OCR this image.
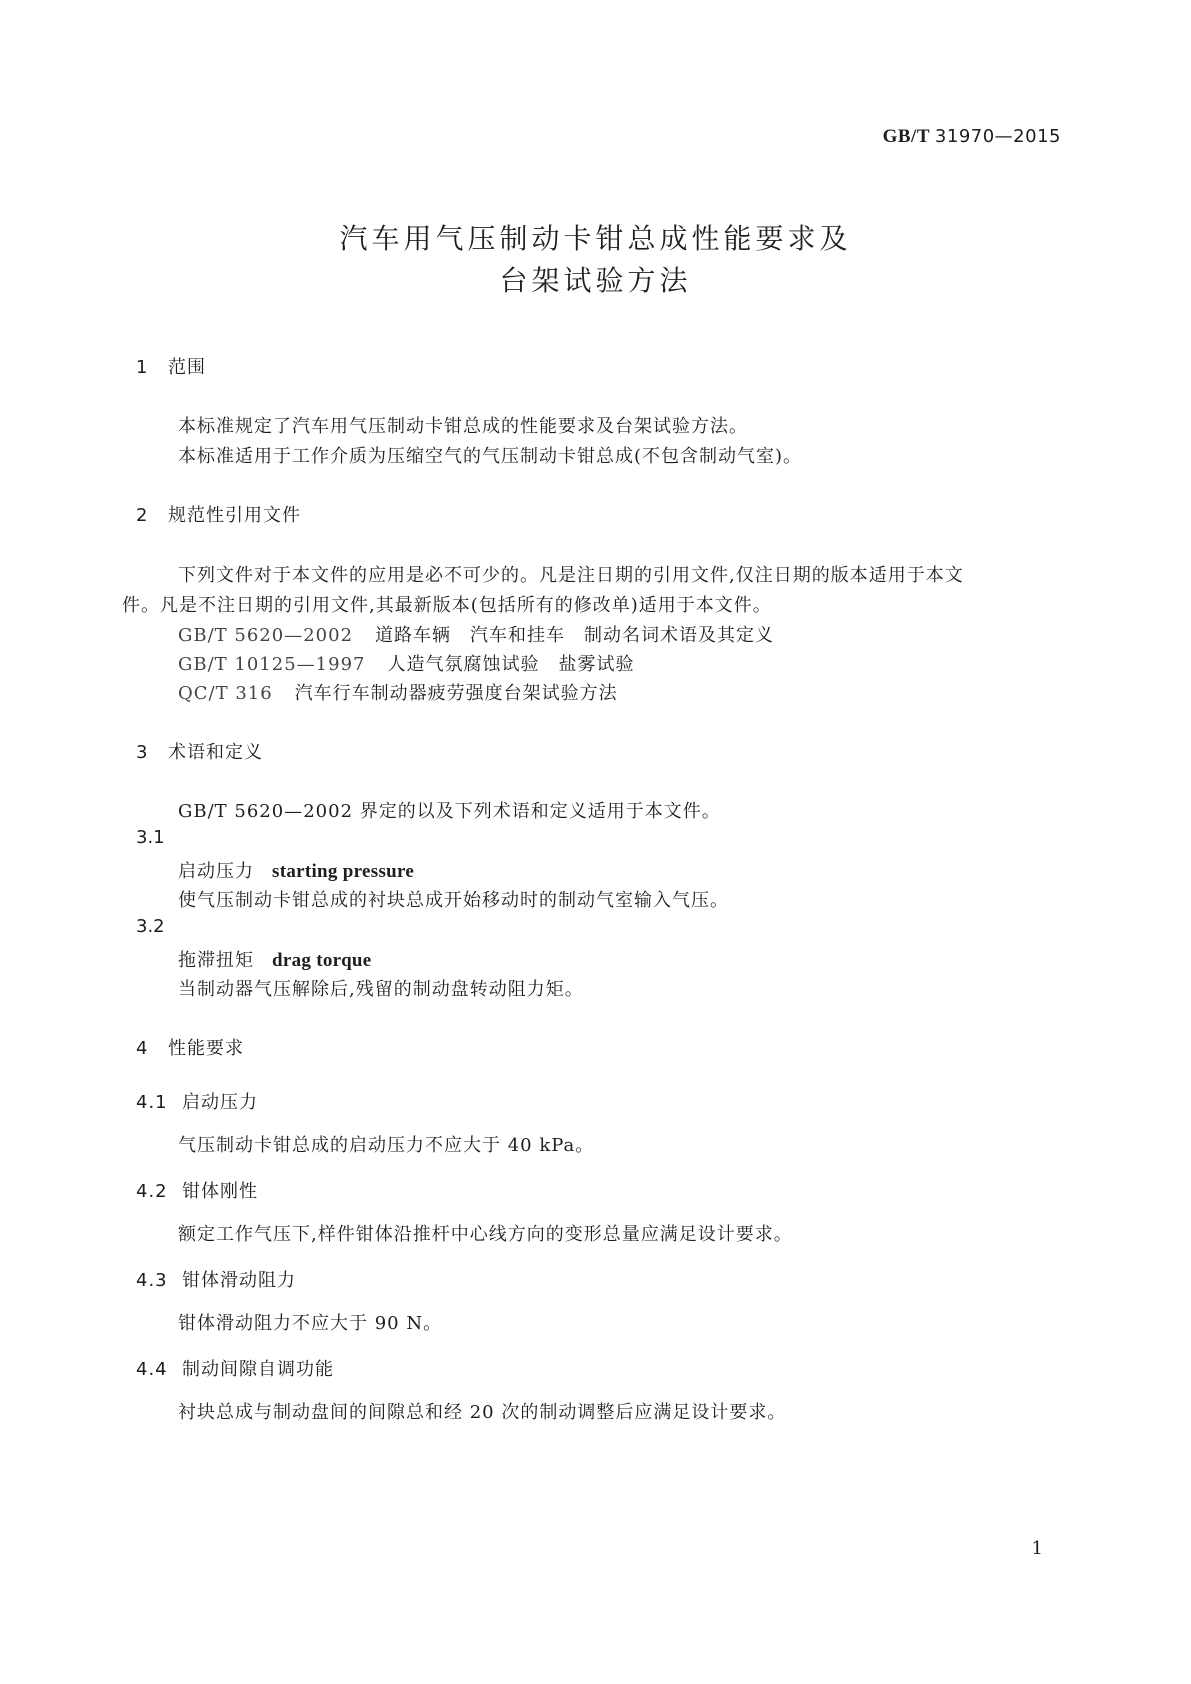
GB/T 31970—2015
汽车用气压制动卡钳总成性能要求及
台架试验方法
1 范围
本标准规定了汽车用气压制动卡钳总成的性能要求及台架试验方法。
本标准适用于工作介质为压缩空气的气压制动卡钳总成(不包含制动气室)。
2 规范性引用文件
下列文件对于本文件的应用是必不可少的。凡是注日期的引用文件,仅注日期的版本适用于本文
件。凡是不注日期的引用文件,其最新版本(包括所有的修改单)适用于本文件。
GB/T 5620—2002 道路车辆　汽车和挂车　制动名词术语及其定义
GB/T 10125—1997 人造气氛腐蚀试验　盐雾试验
QC/T 316 汽车行车制动器疲劳强度台架试验方法
3 术语和定义
GB/T 5620—2002 界定的以及下列术语和定义适用于本文件。
3.1
启动压力 starting pressure
使气压制动卡钳总成的衬块总成开始移动时的制动气室输入气压。
3.2
拖滞扭矩 drag torque
当制动器气压解除后,残留的制动盘转动阻力矩。
4 性能要求
4.1 启动压力
气压制动卡钳总成的启动压力不应大于 40 kPa。
4.2 钳体刚性
额定工作气压下,样件钳体沿推杆中心线方向的变形总量应满足设计要求。
4.3 钳体滑动阻力
钳体滑动阻力不应大于 90 N。
4.4 制动间隙自调功能
衬块总成与制动盘间的间隙总和经 20 次的制动调整后应满足设计要求。
1
